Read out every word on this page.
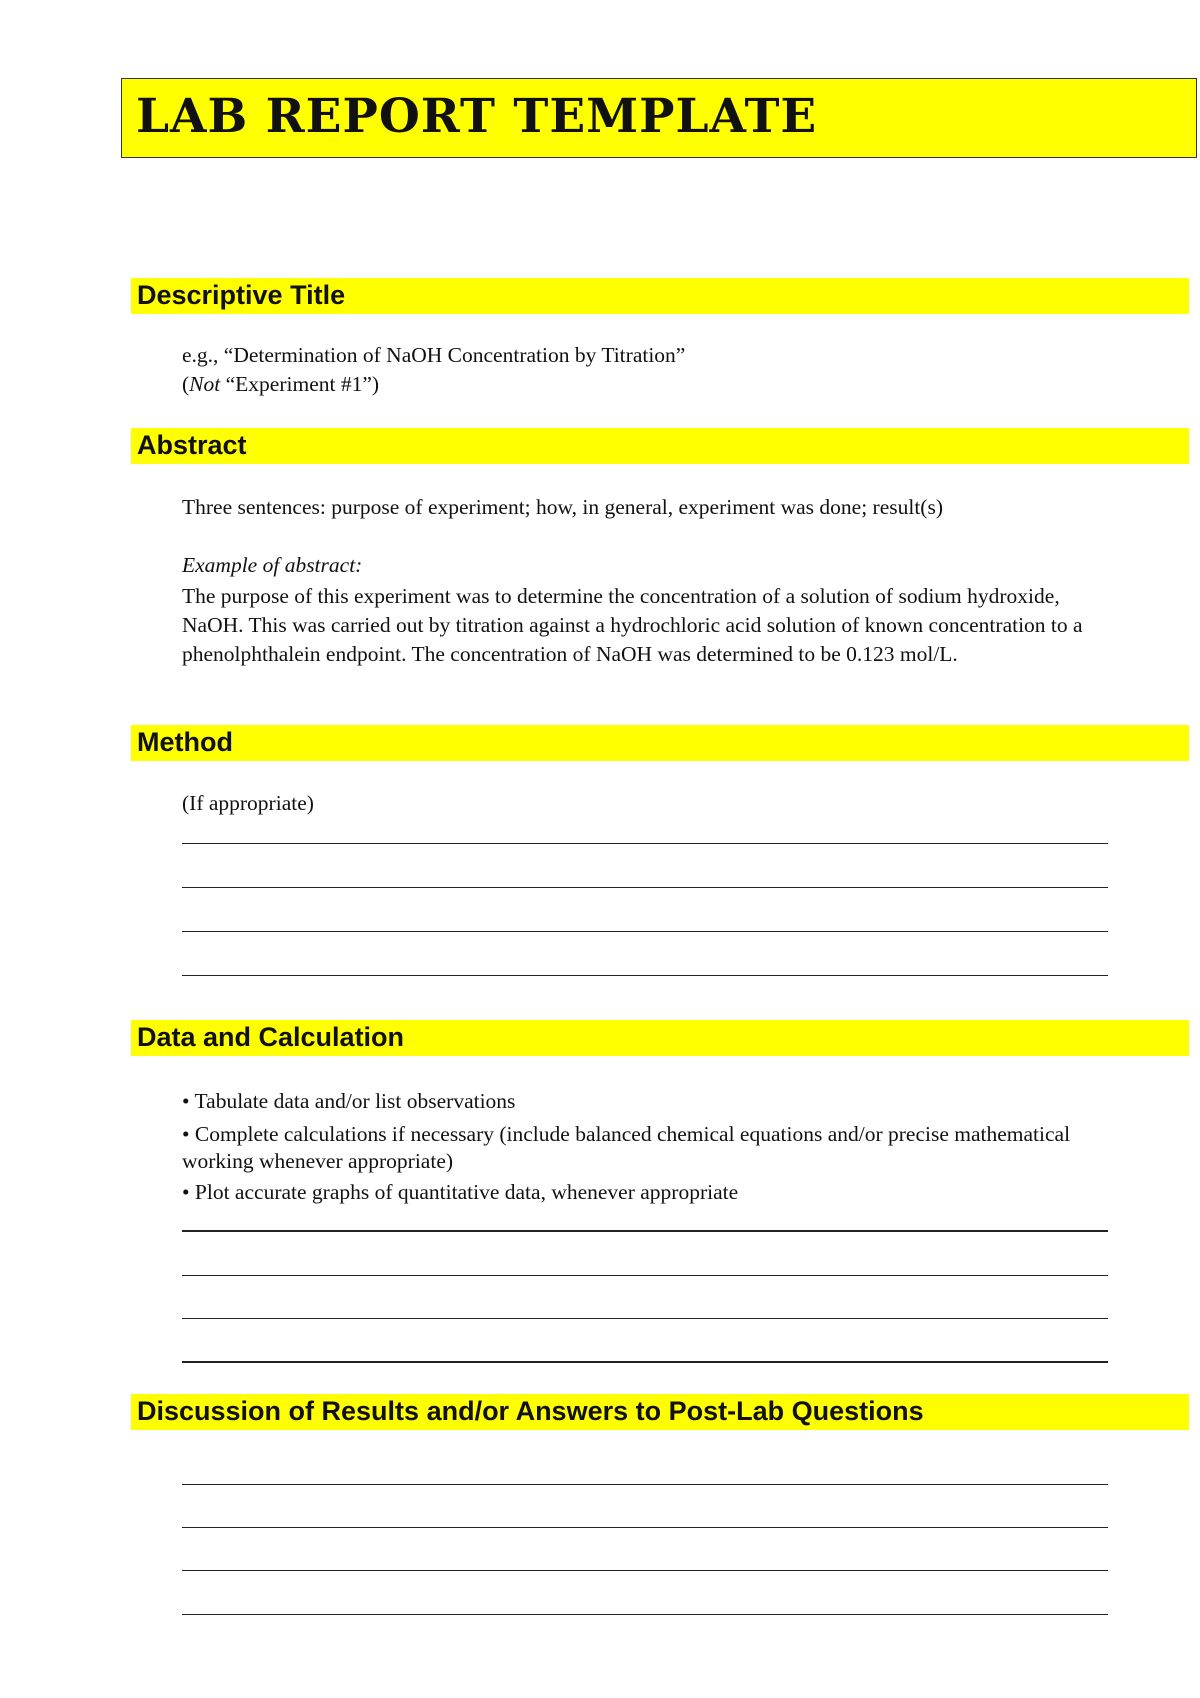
LAB REPORT TEMPLATE
Descriptive Title
e.g., “Determination of NaOH Concentration by Titration”
(Not “Experiment #1”)
Abstract
Three sentences: purpose of experiment; how, in general, experiment was done; result(s)
Example of abstract:
The purpose of this experiment was to determine the concentration of a solution of sodium hydroxide, NaOH. This was carried out by titration against a hydrochloric acid solution of known concentration to a phenolphthalein endpoint. The concentration of NaOH was determined to be 0.123 mol/L.
Method
(If appropriate)
Data and Calculation
• Tabulate data and/or list observations
• Complete calculations if necessary (include balanced chemical equations and/or precise mathematical working whenever appropriate)
• Plot accurate graphs of quantitative data, whenever appropriate
Discussion of Results and/or Answers to Post-Lab Questions
